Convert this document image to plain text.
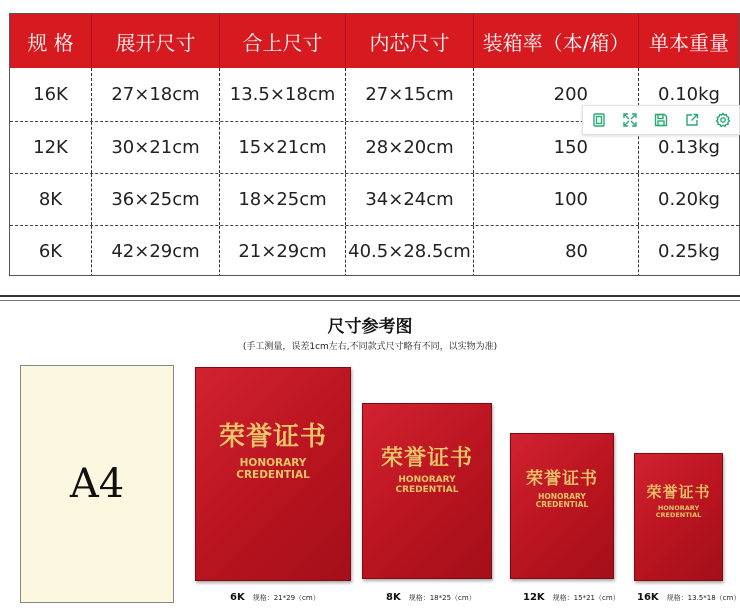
规 格	展开尺寸	合上尺寸	内芯尺寸	装箱率（本/箱） 单本重量
16K	27×18cm	13.5×18cm	27×15cm	200	0.10kg
12K	30×21cm	15×21cm	28×20cm	150	0.13kg
8K	36×25cm	18×25cm	34×24cm	100	0.20kg
6K	42×29cm	21×29cm	40.5×28.5cm	80	0.25kg
尺寸参考图
(手工测量，误差1cm左右,不同款式尺寸略有不同，以实物为准)
A4
荣誉证书
HONORARY
CREDENTIAL
荣誉证书
HONORARY
CREDENTIAL
荣誉证书
HONORARY
CREDENTIAL
荣誉证书
HONORARY
CREDENTIAL
6K 规格：21*29（cm）	8K 规格：18*25（cm）	12K 规格：15*21（cm） 16K 规格：13.5*18（cm）
